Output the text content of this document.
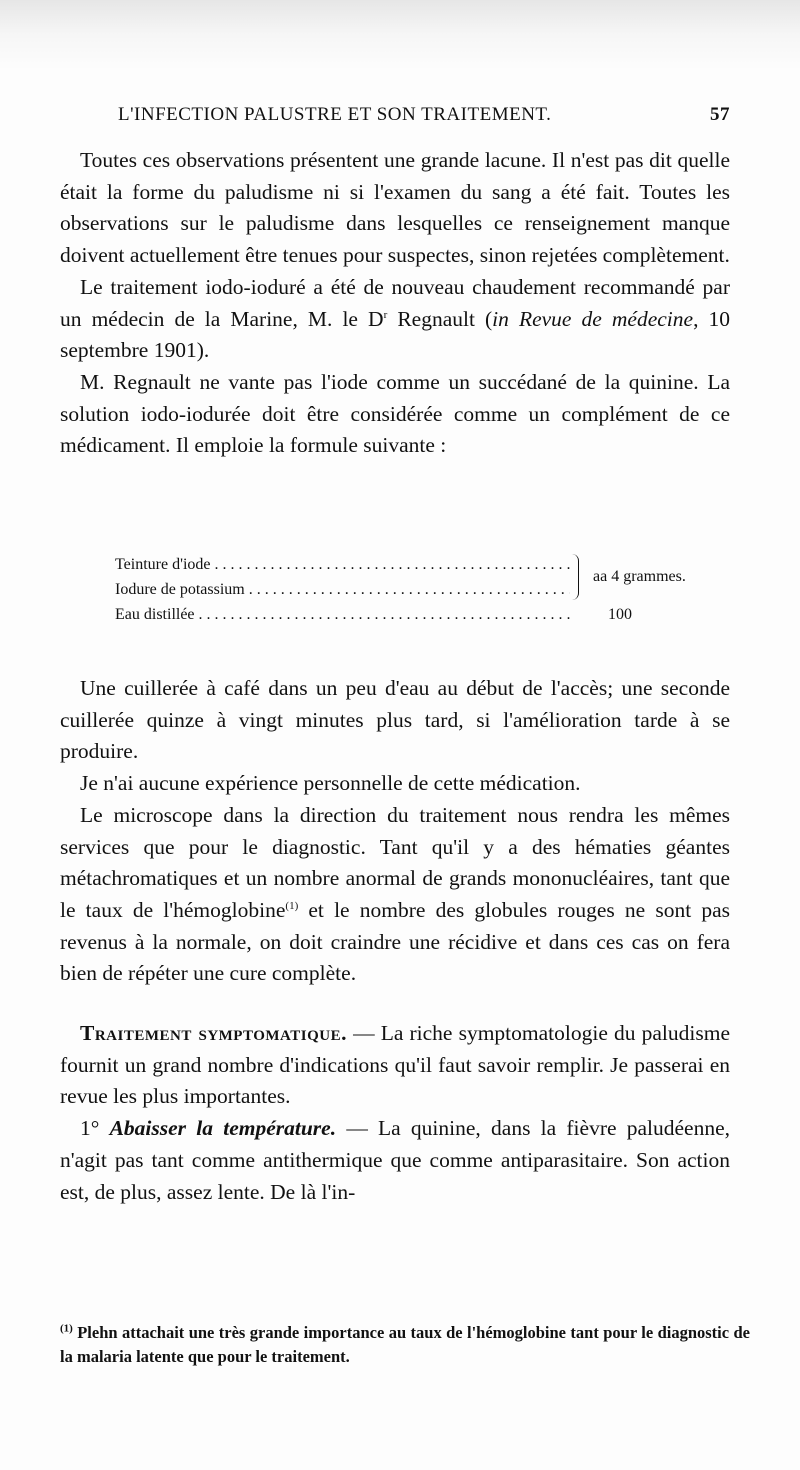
L'INFECTION PALUSTRE ET SON TRAITEMENT.	57

Toutes ces observations présentent une grande lacune. Il n'est pas dit quelle était la forme du paludisme ni si l'examen du sang a été fait. Toutes les observations sur le paludisme dans lesquelles ce renseignement manque doivent actuellement être tenues pour suspectes, sinon rejetées complètement.

Le traitement iodo-ioduré a été de nouveau chaudement recommandé par un médecin de la Marine, M. le $D^r$ Regnault (in Revue de médecine, 10 septembre 1901).

M. Regnault ne vante pas l'iode comme un succédané de la quinine. La solution iodo-iodurée doit être considérée comme un complément de ce médicament. Il emploie la formule suivante :

Teinture d'iode . . .
Iodure de potassium . . .
aa 4 grammes.
Eau distillée . . .	100

Une cuillerée à café dans un peu d'eau au début de l'accès; une seconde cuillerée quinze à vingt minutes plus tard, si l'amélioration tarde à se produire.

Je n'ai aucune expérience personnelle de cette médication.

Le microscope dans la direction du traitement nous rendra les mêmes services que pour le diagnostic. Tant qu'il y a des hématies géantes métachromatiques et un nombre anormal de grands mononucléaires, tant que le taux de l'hémoglobine$^{(1)}$ et le nombre des globules rouges ne sont pas revenus à la normale, on doit craindre une récidive et dans ces cas on fera bien de répéter une cure complète.

Traitement symptomatique. — La riche symptomatologie du paludisme fournit un grand nombre d'indications qu'il faut savoir remplir. Je passerai en revue les plus importantes.

1° Abaisser la température. — La quinine, dans la fièvre paludéenne, n'agit pas tant comme antithermique que comme antiparasitaire. Son action est, de plus, assez lente. De là l'in-

$^{(1)}$ Plehn attachait une très grande importance au taux de l'hémoglobine tant pour le diagnostic de la malaria latente que pour le traitement.
